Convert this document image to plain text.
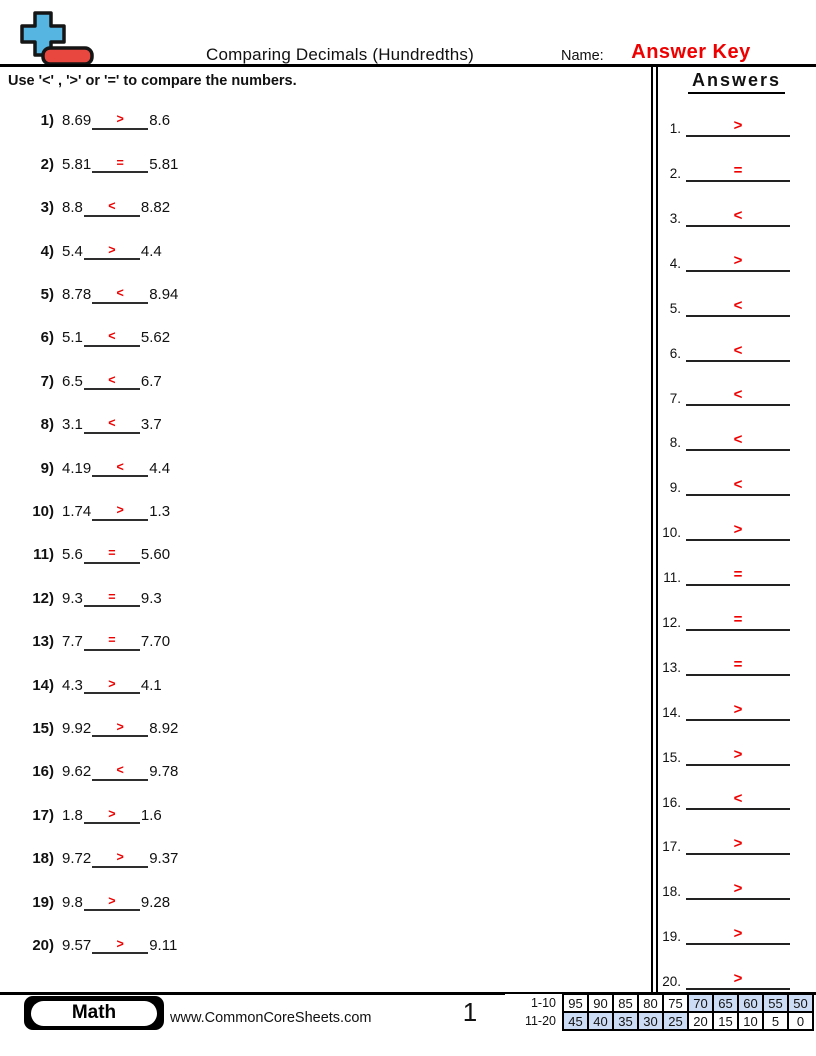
Comparing Decimals (Hundredths)	Name:	Answer Key
Use '<' , '>' or '=' to compare the numbers.
1) 8.69	>	8.6
2) 5.81	=	5.81
3) 8.8	<	8.82
4) 5.4	>	4.4
5) 8.78	<	8.94
6) 5.1	<	5.62
7) 6.5	<	6.7
8) 3.1	<	3.7
9) 4.19	<	4.4
10) 1.74	>	1.3
11) 5.6	=	5.60
12) 9.3	=	9.3
13) 7.7	=	7.70
14) 4.3	>	4.1
15) 9.92	>	8.92
16) 9.62	<	9.78
17) 1.8	>	1.6
18) 9.72	>	9.37
19) 9.8	>	9.28
20) 9.57	>	9.11
Answers
1.	>
2.	=
3.	<
4.	>
5.	<
6.	<
7.	<
8.	<
9.	<
10.	>
11.	=
12.	=
13.	=
14.	>
15.	>
16.	<
17.	>
18.	>
19.	>
20.	>
Math	www.CommonCoreSheets.com	1	1-10	95	90	85	80	75	70	65	60	55	50
11-20	45	40	35	30	25	20	15	10	5	0
